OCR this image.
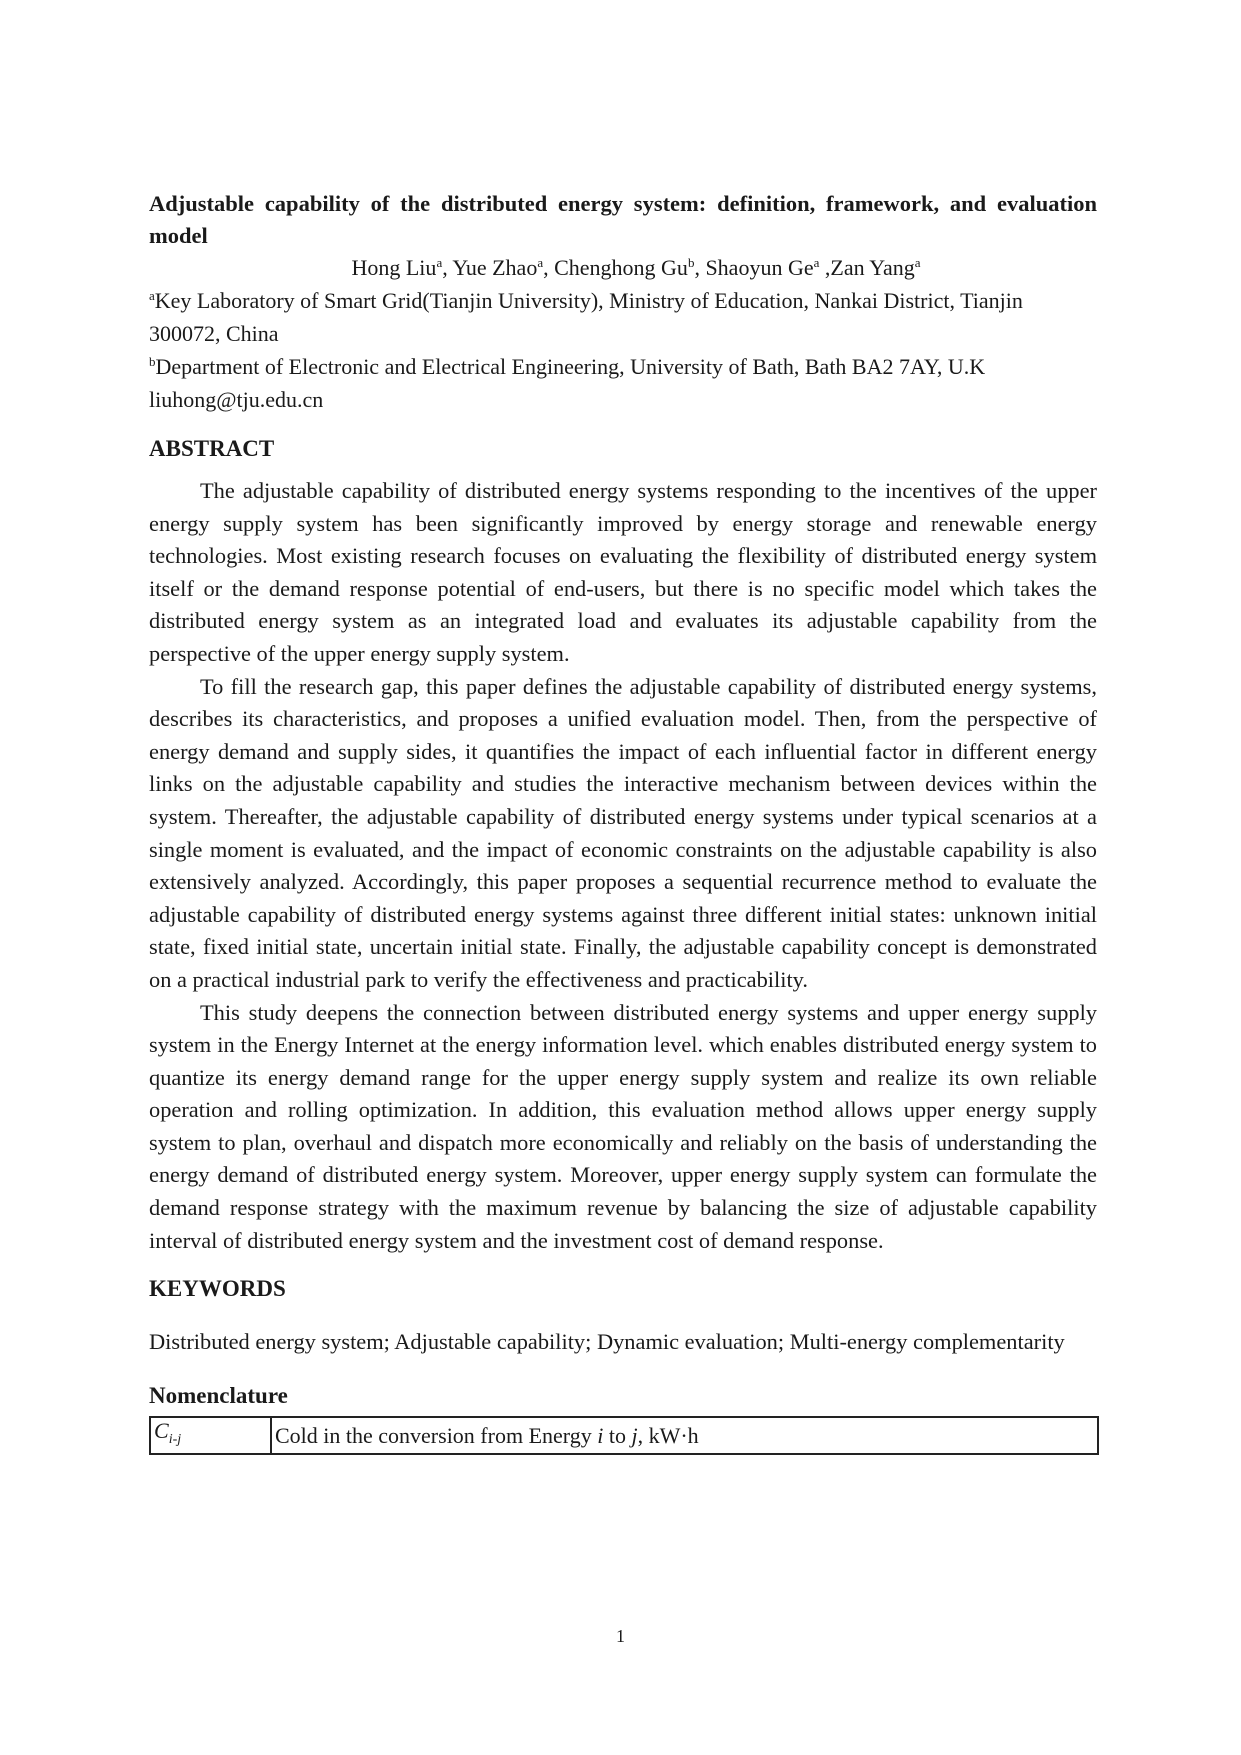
Adjustable capability of the distributed energy system: definition, framework, and evaluation model

Hong Liu$^a$, Yue Zhao$^a$, Chenghong Gu$^b$, Shaoyun Ge$^a$ ,Zan Yang$^a$

$^a$Key Laboratory of Smart Grid(Tianjin University), Ministry of Education, Nankai District, Tianjin 300072, China

$^b$Department of Electronic and Electrical Engineering, University of Bath, Bath BA2 7AY, U.K

liuhong@tju.edu.cn

ABSTRACT

The adjustable capability of distributed energy systems responding to the incentives of the upper energy supply system has been significantly improved by energy storage and renewable energy technologies. Most existing research focuses on evaluating the flexibility of distributed energy system itself or the demand response potential of end-users, but there is no specific model which takes the distributed energy system as an integrated load and evaluates its adjustable capability from the perspective of the upper energy supply system.

To fill the research gap, this paper defines the adjustable capability of distributed energy systems, describes its characteristics, and proposes a unified evaluation model. Then, from the perspective of energy demand and supply sides, it quantifies the impact of each influential factor in different energy links on the adjustable capability and studies the interactive mechanism between devices within the system. Thereafter, the adjustable capability of distributed energy systems under typical scenarios at a single moment is evaluated, and the impact of economic constraints on the adjustable capability is also extensively analyzed. Accordingly, this paper proposes a sequential recurrence method to evaluate the adjustable capability of distributed energy systems against three different initial states: unknown initial state, fixed initial state, uncertain initial state. Finally, the adjustable capability concept is demonstrated on a practical industrial park to verify the effectiveness and practicability.

This study deepens the connection between distributed energy systems and upper energy supply system in the Energy Internet at the energy information level. which enables distributed energy system to quantize its energy demand range for the upper energy supply system and realize its own reliable operation and rolling optimization. In addition, this evaluation method allows upper energy supply system to plan, overhaul and dispatch more economically and reliably on the basis of understanding the energy demand of distributed energy system. Moreover, upper energy supply system can formulate the demand response strategy with the maximum revenue by balancing the size of adjustable capability interval of distributed energy system and the investment cost of demand response.

KEYWORDS

Distributed energy system; Adjustable capability; Dynamic evaluation; Multi-energy complementarity

Nomenclature

$C_{i-j}$	Cold in the conversion from Energy i to j, kW·h
1
